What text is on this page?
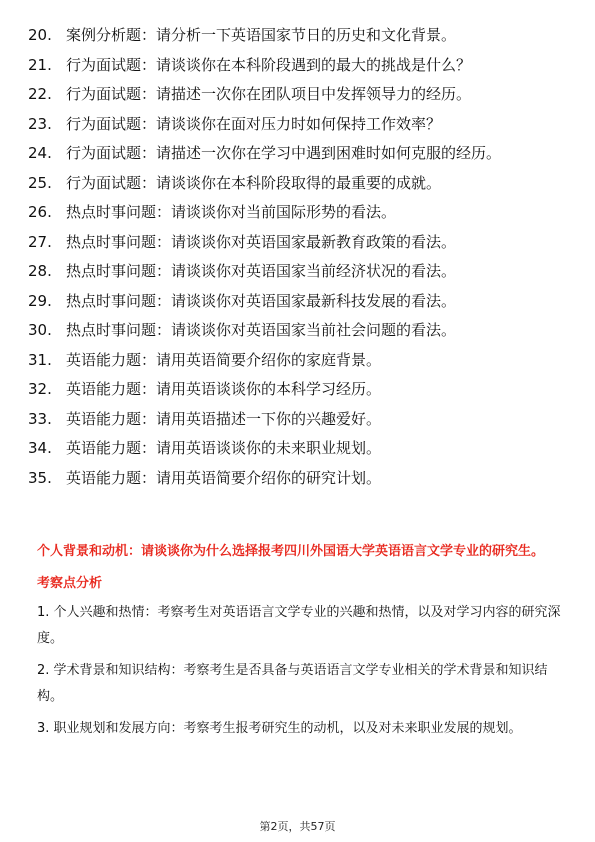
20. 案例分析题：请分析一下英语国家节日的历史和文化背景。
21. 行为面试题：请谈谈你在本科阶段遇到的最大的挑战是什么？
22. 行为面试题：请描述一次你在团队项目中发挥领导力的经历。
23. 行为面试题：请谈谈你在面对压力时如何保持工作效率？
24. 行为面试题：请描述一次你在学习中遇到困难时如何克服的经历。
25. 行为面试题：请谈谈你在本科阶段取得的最重要的成就。
26. 热点时事问题：请谈谈你对当前国际形势的看法。
27. 热点时事问题：请谈谈你对英语国家最新教育政策的看法。
28. 热点时事问题：请谈谈你对英语国家当前经济状况的看法。
29. 热点时事问题：请谈谈你对英语国家最新科技发展的看法。
30. 热点时事问题：请谈谈你对英语国家当前社会问题的看法。
31. 英语能力题：请用英语简要介绍你的家庭背景。
32. 英语能力题：请用英语谈谈你的本科学习经历。
33. 英语能力题：请用英语描述一下你的兴趣爱好。
34. 英语能力题：请用英语谈谈你的未来职业规划。
35. 英语能力题：请用英语简要介绍你的研究计划。

个人背景和动机：请谈谈你为什么选择报考四川外国语大学英语语言文学专业的研究生。

考察点分析

1. 个人兴趣和热情：考察考生对英语语言文学专业的兴趣和热情，以及对学习内容的研究深度。

2. 学术背景和知识结构：考察考生是否具备与英语语言文学专业相关的学术背景和知识结构。

3. 职业规划和发展方向：考察考生报考研究生的动机，以及对未来职业发展的规划。

第2页，共57页
